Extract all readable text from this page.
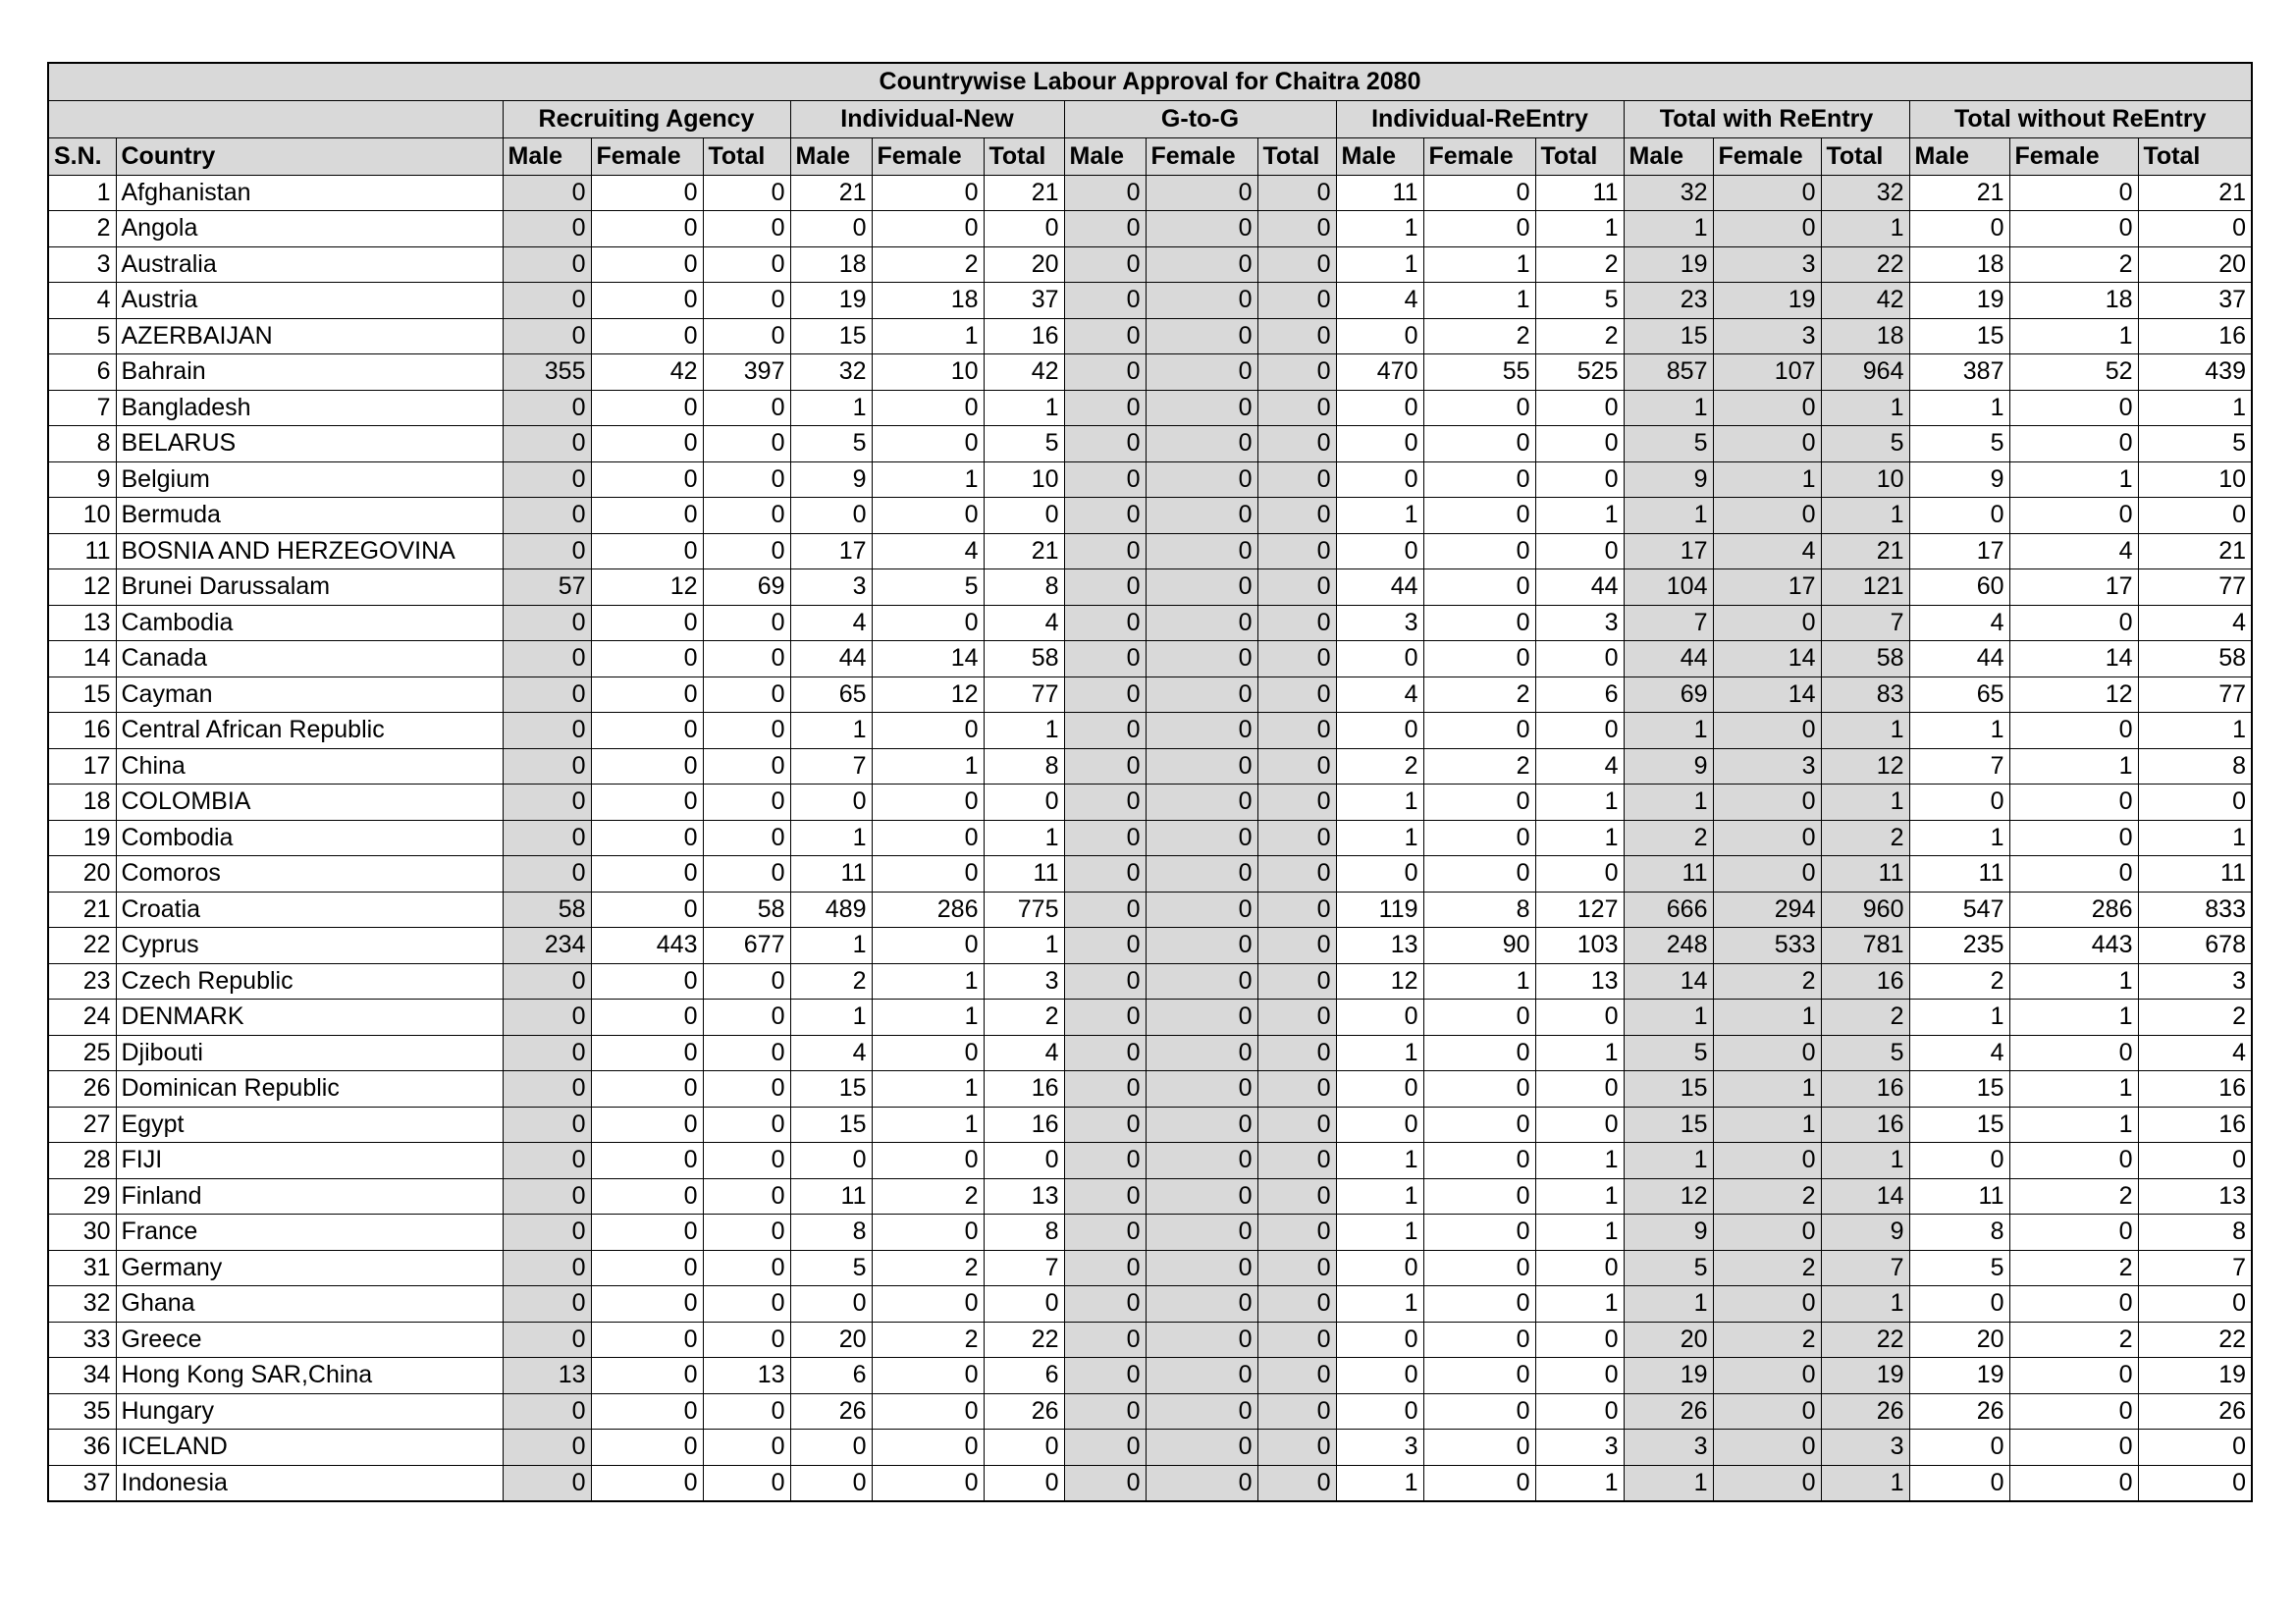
Countrywise Labour Approval for Chaitra 2080																			
		Recruiting Agency			Individual-New			G-to-G			Individual-ReEntry			Total with ReEntry			Total without ReEntry		
S.N.	Country	Male	Female	Total	Male	Female	Total	Male	Female	Total	Male	Female	Total	Male	Female	Total	Male	Female	Total
1	Afghanistan	0	0	0	21	0	21	0	0	0	11	0	11	32	0	32	21	0	21
2	Angola	0	0	0	0	0	0	0	0	0	1	0	1	1	0	1	0	0	0
3	Australia	0	0	0	18	2	20	0	0	0	1	1	2	19	3	22	18	2	20
4	Austria	0	0	0	19	18	37	0	0	0	4	1	5	23	19	42	19	18	37
5	AZERBAIJAN	0	0	0	15	1	16	0	0	0	0	2	2	15	3	18	15	1	16
6	Bahrain	355	42	397	32	10	42	0	0	0	470	55	525	857	107	964	387	52	439
7	Bangladesh	0	0	0	1	0	1	0	0	0	0	0	0	1	0	1	1	0	1
8	BELARUS	0	0	0	5	0	5	0	0	0	0	0	0	5	0	5	5	0	5
9	Belgium	0	0	0	9	1	10	0	0	0	0	0	0	9	1	10	9	1	10
10	Bermuda	0	0	0	0	0	0	0	0	0	1	0	1	1	0	1	0	0	0
11	BOSNIA AND HERZEGOVINA	0	0	0	17	4	21	0	0	0	0	0	0	17	4	21	17	4	21
12	Brunei Darussalam	57	12	69	3	5	8	0	0	0	44	0	44	104	17	121	60	17	77
13	Cambodia	0	0	0	4	0	4	0	0	0	3	0	3	7	0	7	4	0	4
14	Canada	0	0	0	44	14	58	0	0	0	0	0	0	44	14	58	44	14	58
15	Cayman	0	0	0	65	12	77	0	0	0	4	2	6	69	14	83	65	12	77
16	Central African Republic	0	0	0	1	0	1	0	0	0	0	0	0	1	0	1	1	0	1
17	China	0	0	0	7	1	8	0	0	0	2	2	4	9	3	12	7	1	8
18	COLOMBIA	0	0	0	0	0	0	0	0	0	1	0	1	1	0	1	0	0	0
19	Combodia	0	0	0	1	0	1	0	0	0	1	0	1	2	0	2	1	0	1
20	Comoros	0	0	0	11	0	11	0	0	0	0	0	0	11	0	11	11	0	11
21	Croatia	58	0	58	489	286	775	0	0	0	119	8	127	666	294	960	547	286	833
22	Cyprus	234	443	677	1	0	1	0	0	0	13	90	103	248	533	781	235	443	678
23	Czech Republic	0	0	0	2	1	3	0	0	0	12	1	13	14	2	16	2	1	3
24	DENMARK	0	0	0	1	1	2	0	0	0	0	0	0	1	1	2	1	1	2
25	Djibouti	0	0	0	4	0	4	0	0	0	1	0	1	5	0	5	4	0	4
26	Dominican Republic	0	0	0	15	1	16	0	0	0	0	0	0	15	1	16	15	1	16
27	Egypt	0	0	0	15	1	16	0	0	0	0	0	0	15	1	16	15	1	16
28	FIJI	0	0	0	0	0	0	0	0	0	1	0	1	1	0	1	0	0	0
29	Finland	0	0	0	11	2	13	0	0	0	1	0	1	12	2	14	11	2	13
30	France	0	0	0	8	0	8	0	0	0	1	0	1	9	0	9	8	0	8
31	Germany	0	0	0	5	2	7	0	0	0	0	0	0	5	2	7	5	2	7
32	Ghana	0	0	0	0	0	0	0	0	0	1	0	1	1	0	1	0	0	0
33	Greece	0	0	0	20	2	22	0	0	0	0	0	0	20	2	22	20	2	22
34	Hong Kong SAR,China	13	0	13	6	0	6	0	0	0	0	0	0	19	0	19	19	0	19
35	Hungary	0	0	0	26	0	26	0	0	0	0	0	0	26	0	26	26	0	26
36	ICELAND	0	0	0	0	0	0	0	0	0	3	0	3	3	0	3	0	0	0
37	Indonesia	0	0	0	0	0	0	0	0	0	1	0	1	1	0	1	0	0	0
